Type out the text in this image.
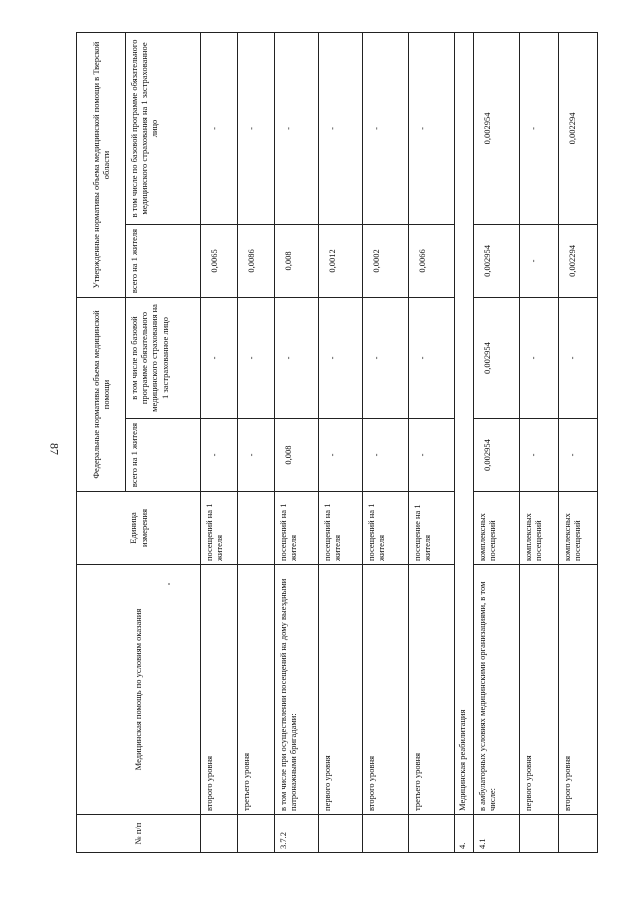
87
№ п/п	Медицинская помощь по условиям оказания	Единица измерения	Федеральные нормативы объема медицинской помощи		Утвержденные нормативы объема медицинской помощи в Тверской области	
			всего на 1 жителя	в том числе по базовой программе обязательного медицинского страхования на 1 застрахованное лицо	всего на 1 жителя	в том числе по базовой программе обязательного медицинского страхования на 1 застрахованное лицо
	второго уровня	посещений на 1 жителя	-	-	0,0065	-
	третьего уровня		-	-	0,0086	-
3.7.2	в том числе при осуществлении посещений на дому выездными патронажными бригадами:	посещений на 1 жителя	0,008	-	0,008	-
	первого уровня	посещений на 1 жителя	-	-	0,0012	-
	второго уровня	посещений на 1 жителя	-	-	0,0002	-
	третьего уровня	посещение на 1 жителя	-	-	0,0066	-
4.	Медицинская реабилитация					
4.1	в амбулаторных условиях медицинскими организациями, в том числе:	комплексных посещений	0,002954	0,002954	0,002954	0,002954
	первого уровня	комплексных посещений	-	-	-	-
	второго уровня	комплексных посещений	-	-	0,002294	0,002294
